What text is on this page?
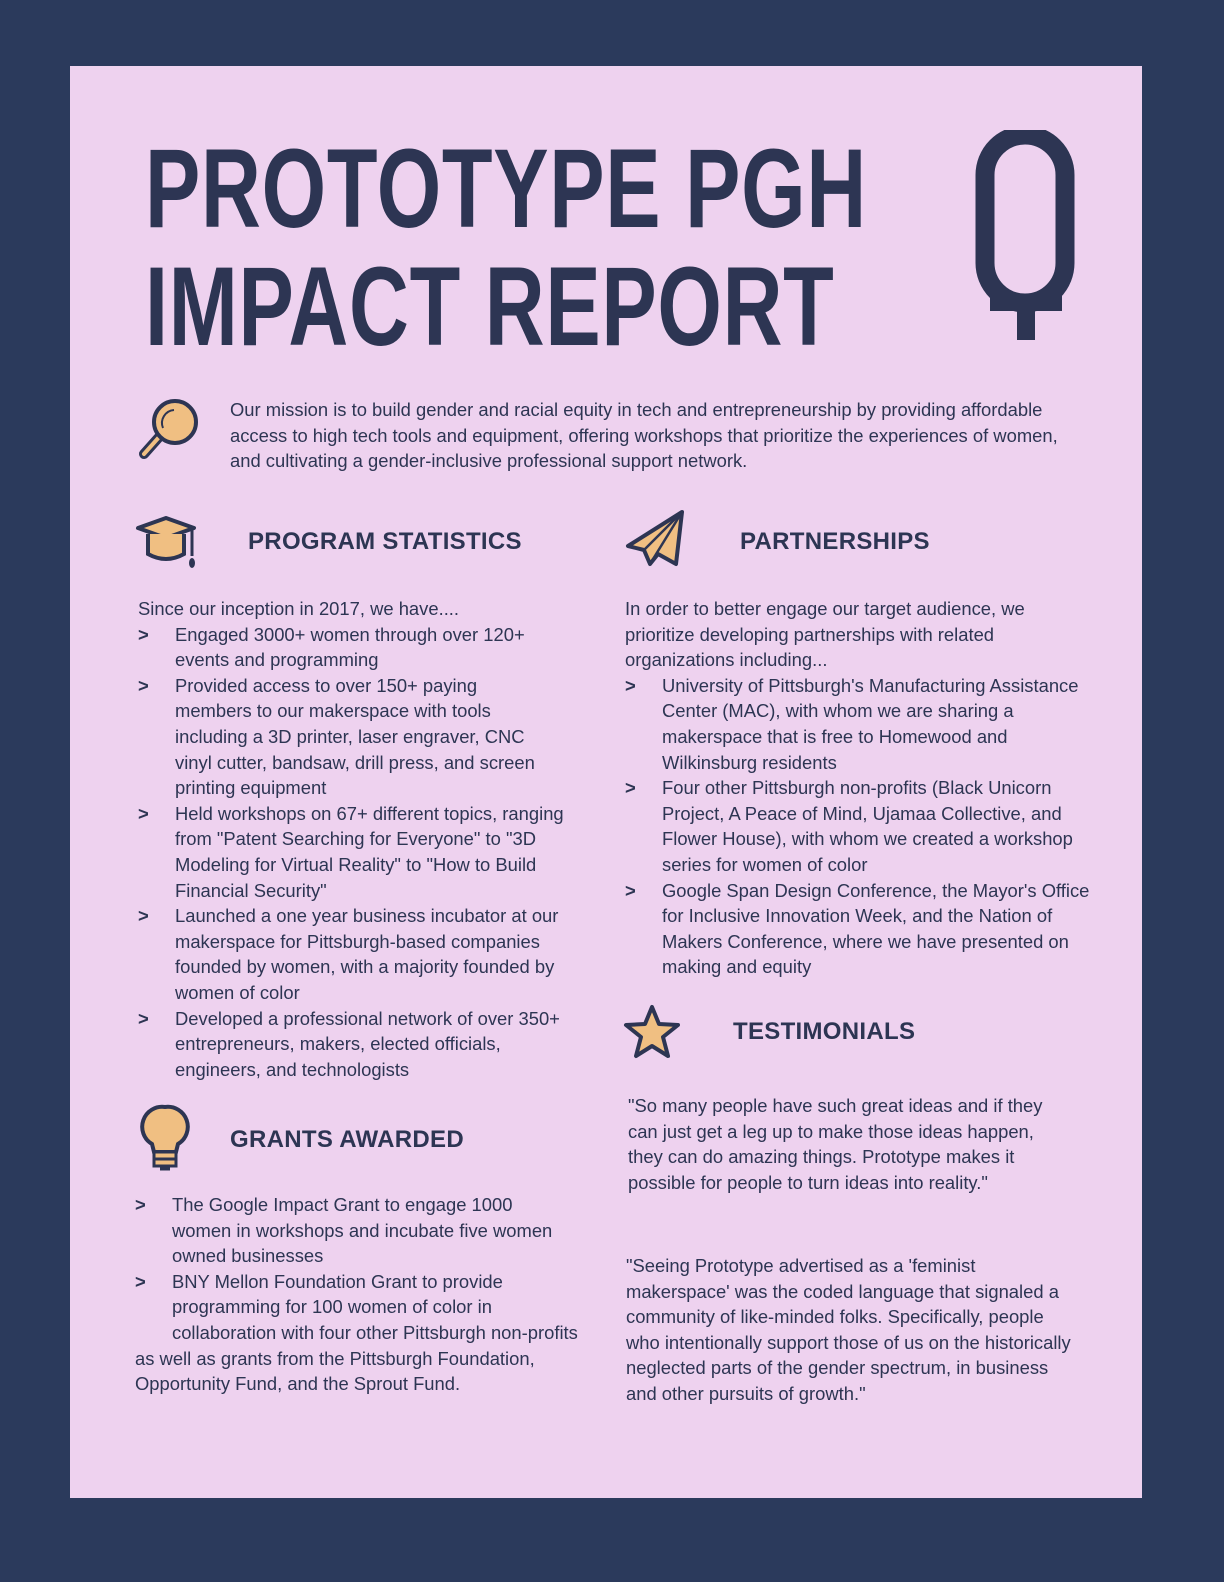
PROTOTYPE PGH
IMPACT REPORT
Our mission is to build gender and racial equity in tech and entrepreneurship by providing affordable access to high tech tools and equipment, offering workshops that prioritize the experiences of women, and cultivating a gender-inclusive professional support network.
PROGRAM STATISTICS
Since our inception in 2017, we have....
> Engaged 3000+ women through over 120+ events and programming
> Provided access to over 150+ paying members to our makerspace with tools including a 3D printer, laser engraver, CNC vinyl cutter, bandsaw, drill press, and screen printing equipment
> Held workshops on 67+ different topics, ranging from "Patent Searching for Everyone" to "3D Modeling for Virtual Reality" to "How to Build Financial Security"
> Launched a one year business incubator at our makerspace for Pittsburgh-based companies founded by women, with a majority founded by women of color
> Developed a professional network of over 350+ entrepreneurs, makers, elected officials, engineers, and technologists
GRANTS AWARDED
> The Google Impact Grant to engage 1000 women in workshops and incubate five women owned businesses
> BNY Mellon Foundation Grant to provide programming for 100 women of color in collaboration with four other Pittsburgh non-profits
as well as grants from the Pittsburgh Foundation, Opportunity Fund, and the Sprout Fund.
PARTNERSHIPS
In order to better engage our target audience, we prioritize developing partnerships with related organizations including...
> University of Pittsburgh's Manufacturing Assistance Center (MAC), with whom we are sharing a makerspace that is free to Homewood and Wilkinsburg residents
> Four other Pittsburgh non-profits (Black Unicorn Project, A Peace of Mind, Ujamaa Collective, and Flower House), with whom we created a workshop series for women of color
> Google Span Design Conference, the Mayor's Office for Inclusive Innovation Week, and the Nation of Makers Conference, where we have presented on making and equity
TESTIMONIALS
"So many people have such great ideas and if they can just get a leg up to make those ideas happen, they can do amazing things. Prototype makes it possible for people to turn ideas into reality."
"Seeing Prototype advertised as a 'feminist makerspace' was the coded language that signaled a community of like-minded folks. Specifically, people who intentionally support those of us on the historically neglected parts of the gender spectrum, in business and other pursuits of growth."
